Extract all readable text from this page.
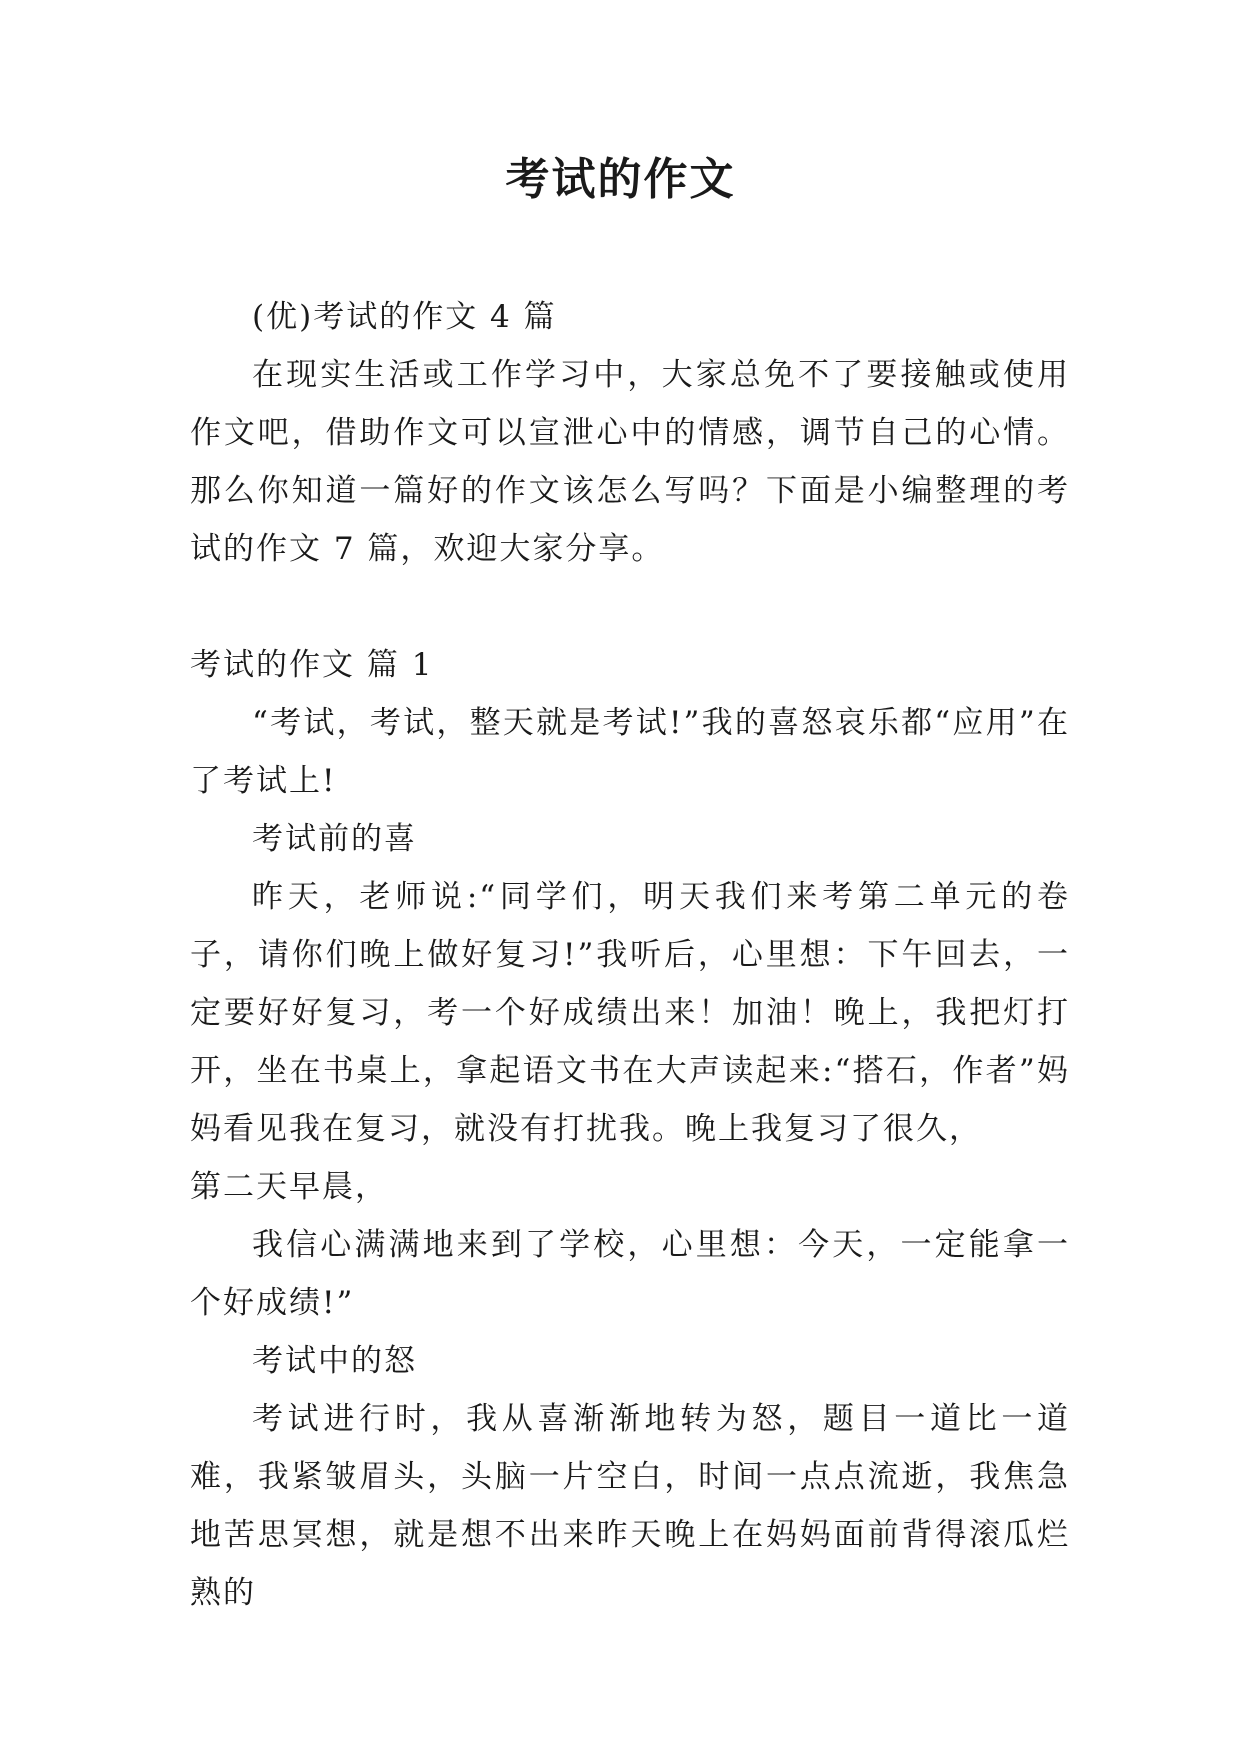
考试的作文

(优)考试的作文 4 篇

在现实生活或工作学习中，大家总免不了要接触或使用作文吧，借助作文可以宣泄心中的情感，调节自己的心情。那么你知道一篇好的作文该怎么写吗？下面是小编整理的考试的作文 7 篇，欢迎大家分享。

考试的作文 篇 1

“考试，考试，整天就是考试!”我的喜怒哀乐都“应用”在了考试上!

考试前的喜

昨天，老师说:“同学们，明天我们来考第二单元的卷子，请你们晚上做好复习!”我听后，心里想：下午回去，一定要好好复习，考一个好成绩出来！加油！晚上，我把灯打开，坐在书桌上，拿起语文书在大声读起来:“搭石，作者”妈妈看见我在复习，就没有打扰我。晚上我复习了很久，

第二天早晨，

我信心满满地来到了学校，心里想：今天，一定能拿一个好成绩!”

考试中的怒

考试进行时，我从喜渐渐地转为怒，题目一道比一道难，我紧皱眉头，头脑一片空白，时间一点点流逝，我焦急地苦思冥想，就是想不出来昨天晚上在妈妈面前背得滚瓜烂熟的
